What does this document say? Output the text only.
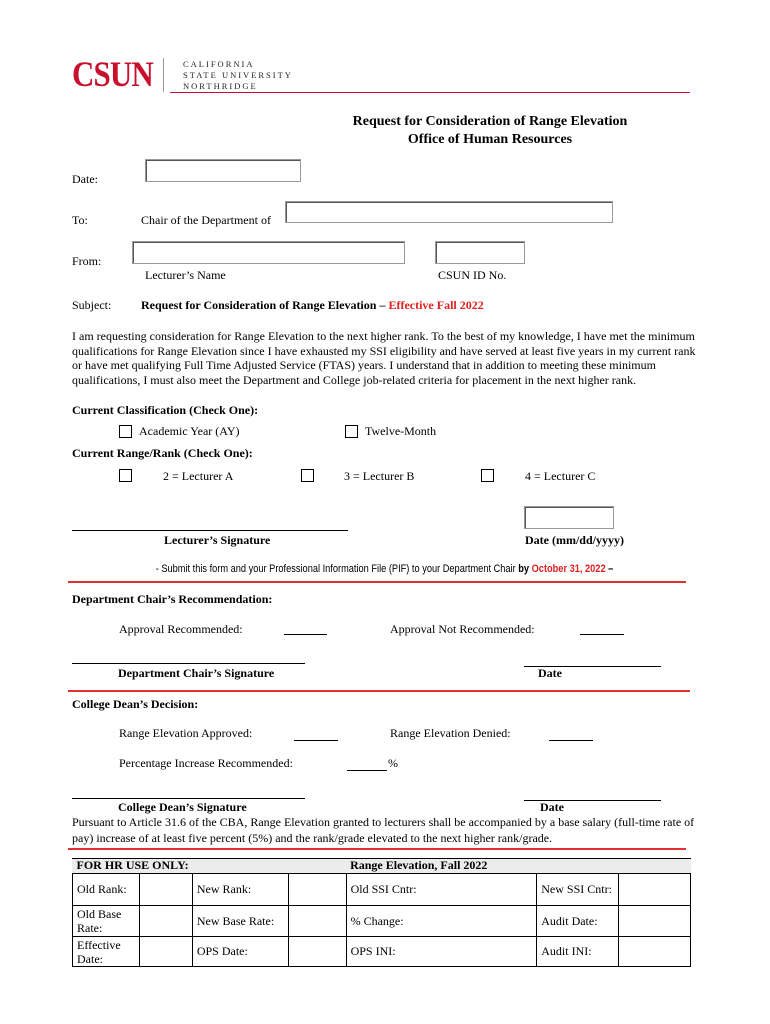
CSUN	CALIFORNIA
STATE UNIVERSITY
NORTHRIDGE
Request for Consideration of Range Elevation
Office of Human Resources
Date:
To:	Chair of the Department of
From:
Lecturer’s Name	CSUN ID No.
Subject: Request for Consideration of Range Elevation – Effective Fall 2022
I am requesting consideration for Range Elevation to the next higher rank. To the best of my knowledge, I have met the minimum qualifications for Range Elevation since I have exhausted my SSI eligibility and have served at least five years in my current rank or have met qualifying Full Time Adjusted Service (FTAS) years. I understand that in addition to meeting these minimum qualifications, I must also meet the Department and College job-related criteria for placement in the next higher rank.
Current Classification (Check One):
Academic Year (AY)	Twelve-Month
Current Range/Rank (Check One):
2 = Lecturer A	3 = Lecturer B	4 = Lecturer C
Lecturer’s Signature	Date (mm/dd/yyyy)
- Submit this form and your Professional Information File (PIF) to your Department Chair by October 31, 2022 –
Department Chair’s Recommendation:
Approval Recommended:	Approval Not Recommended:
Department Chair’s Signature	Date
College Dean’s Decision:
Range Elevation Approved:	Range Elevation Denied:
Percentage Increase Recommended:	%
College Dean’s Signature	Date
Pursuant to Article 31.6 of the CBA, Range Elevation granted to lecturers shall be accompanied by a base salary (full-time rate of pay) increase of at least five percent (5%) and the rank/grade elevated to the next higher rank/grade.
FOR HR USE ONLY:				Range Elevation, Fall 2022		
Old Rank:		New Rank:		Old SSI Cntr:	New SSI Cntr:	
Old Base Rate:		New Base Rate:		% Change:	Audit Date:	
Effective Date:		OPS Date:		OPS INI:	Audit INI:	
